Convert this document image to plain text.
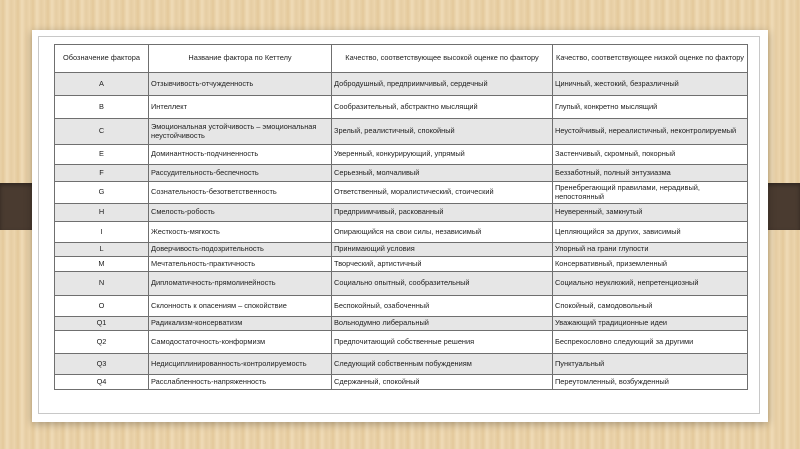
Обозначение фактора	Название фактора по Кеттелу	Качество, соответствующее высокой оценке по фактору	Качество, соответствующее низкой оценке по фактору
A	Отзывчивость-отчужденность	Добродушный, предприимчивый, сердечный	Циничный, жестокий, безразличный
B	Интеллект	Сообразительный, абстрактно мыслящий	Глупый, конкретно мыслящий
C	Эмоциональная устойчивость – эмоциональная неустойчивость	Зрелый, реалистичный, спокойный	Неустойчивый, нереалистичный, неконтролируемый
E	Доминантность-подчиненность	Уверенный, конкурирующий, упрямый	Застенчивый, скромный, покорный
F	Рассудительность-беспечность	Серьезный, молчаливый	Беззаботный, полный энтузиазма
G	Сознательность-безответственность	Ответственный, моралистический, стоический	Пренебрегающий правилами, нерадивый, непостоянный
H	Смелость-робость	Предприимчивый, раскованный	Неуверенный, замкнутый
I	Жесткость-мягкость	Опирающийся на свои силы, независимый	Цепляющийся за других, зависимый
L	Доверчивость-подозрительность	Принимающий условия	Упорный на грани глупости
M	Мечтательность-практичность	Творческий, артистичный	Консервативный, приземленный
N	Дипломатичность-прямолинейность	Социально опытный, сообразительный	Социально неуклюжий, непретенциозный
O	Склонность к опасениям – спокойствие	Беспокойный, озабоченный	Спокойный, самодовольный
Q1	Радикализм-консерватизм	Вольнодумно либеральный	Уважающий традиционные идеи
Q2	Самодостаточность-конформизм	Предпочитающий собственные решения	Беспрекословно следующий за другими
Q3	Недисциплинированность-контролируемость	Следующий собственным побуждениям	Пунктуальный
Q4	Расслабленность-напряженность	Сдержанный, спокойный	Переутомленный, возбужденный
